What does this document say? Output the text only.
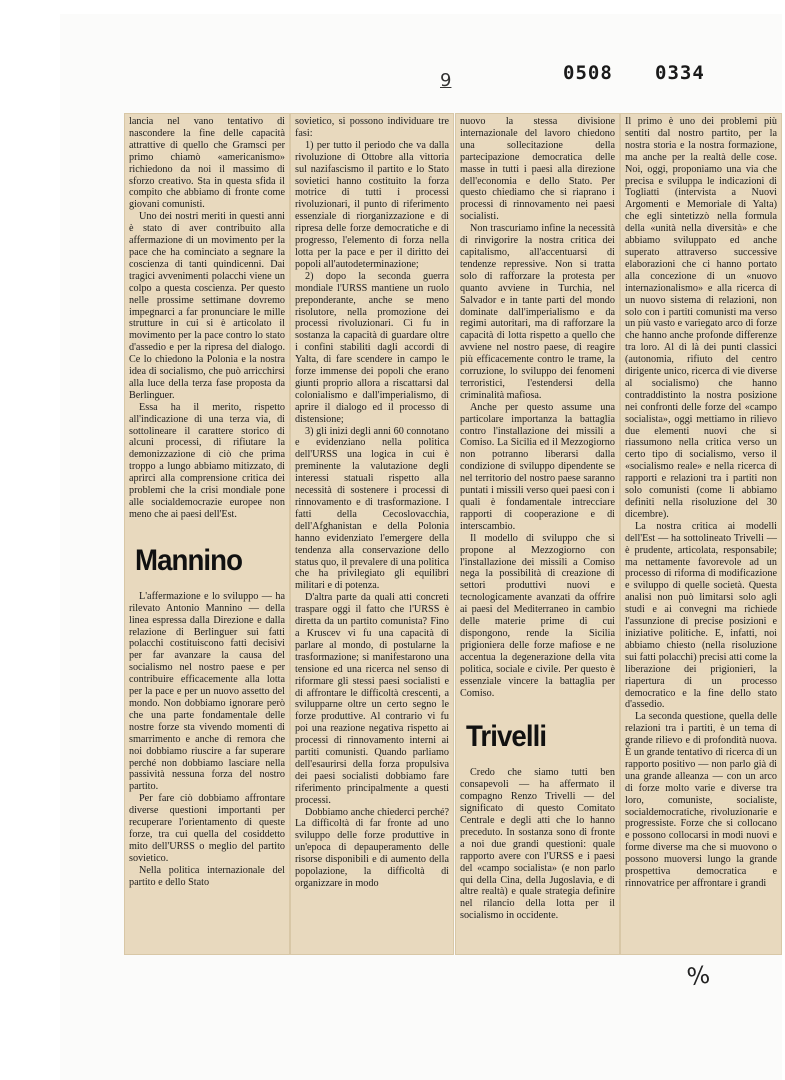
9	0508 0334

lancia nel vano tentativo di nascondere la fine delle capacità attrattive di quello che Gramsci per primo chiamò «americanismo» richiedono da noi il massimo di sforzo creativo. Sta in questa sfida il compito che abbiamo di fronte come giovani comunisti.

Uno dei nostri meriti in questi anni è stato di aver contribuito alla affermazione di un movimento per la pace che ha cominciato a segnare la coscienza di tanti quindicenni. Dai tragici avvenimenti polacchi viene un colpo a questa coscienza. Per questo nelle prossime settimane dovremo impegnarci a far pronunciare le mille strutture in cui si è articolato il movimento per la pace contro lo stato d'assedio e per la ripresa del dialogo. Ce lo chiedono la Polonia e la nostra idea di socialismo, che può arricchirsi alla luce della terza fase proposta da Berlinguer.

Essa ha il merito, rispetto all'indicazione di una terza via, di sottolineare il carattere storico di alcuni processi, di rifiutare la demonizzazione di ciò che prima troppo a lungo abbiamo mitizzato, di aprirci alla comprensione critica dei problemi che la crisi mondiale pone alle socialdemocrazie europee non meno che ai paesi dell'Est.

Mannino

L'affermazione e lo sviluppo — ha rilevato Antonio Mannino — della linea espressa dalla Direzione e dalla relazione di Berlinguer sui fatti polacchi costituiscono fatti decisivi per far avanzare la causa del socialismo nel nostro paese e per contribuire efficacemente alla lotta per la pace e per un nuovo assetto del mondo. Non dobbiamo ignorare però che una parte fondamentale delle nostre forze sta vivendo momenti di smarrimento e anche di remora che noi dobbiamo riuscire a far superare perché non dobbiamo lasciare nella passività nessuna forza del nostro partito.

Per fare ciò dobbiamo affrontare diverse questioni importanti per recuperare l'orientamento di queste forze, tra cui quella del cosiddetto mito dell'URSS o meglio del partito sovietico.

Nella politica internazionale del partito e dello Stato

sovietico, si possono individuare tre fasi:

1) per tutto il periodo che va dalla rivoluzione di Ottobre alla vittoria sul nazifascismo il partito e lo Stato sovietici hanno costituito la forza motrice di tutti i processi rivoluzionari, il punto di riferimento essenziale di riorganizzazione e di ripresa delle forze democratiche e di progresso, l'elemento di forza nella lotta per la pace e per il diritto dei popoli all'autodeterminazione;

2) dopo la seconda guerra mondiale l'URSS mantiene un ruolo preponderante, anche se meno risolutore, nella promozione dei processi rivoluzionari. Ci fu in sostanza la capacità di guardare oltre i confini stabiliti dagli accordi di Yalta, di fare scendere in campo le forze immense dei popoli che erano giunti proprio allora a riscattarsi dal colonialismo e dall'imperialismo, di aprire il dialogo ed il processo di distensione;

3) gli inizi degli anni 60 connotano e evidenziano nella politica dell'URSS una logica in cui è preminente la valutazione degli interessi statuali rispetto alla necessità di sostenere i processi di rinnovamento e di trasformazione. I fatti della Cecoslovacchia, dell'Afghanistan e della Polonia hanno evidenziato l'emergere della tendenza alla conservazione dello status quo, il prevalere di una politica che ha privilegiato gli equilibri militari e di potenza.

D'altra parte da quali atti concreti traspare oggi il fatto che l'URSS è diretta da un partito comunista? Fino a Kruscev vi fu una capacità di parlare al mondo, di postularne la trasformazione; si manifestarono una tensione ed una ricerca nel senso di riformare gli stessi paesi socialisti e di affrontare le difficoltà crescenti, a svilupparne oltre un certo segno le forze produttive. Al contrario vi fu poi una reazione negativa rispetto ai processi di rinnovamento interni ai partiti comunisti. Quando parliamo dell'esaurirsi della forza propulsiva dei paesi socialisti dobbiamo fare riferimento principalmente a questi processi.

Dobbiamo anche chiederci perché? La difficoltà di far fronte ad uno sviluppo delle forze produttive in un'epoca di depauperamento delle risorse disponibili e di aumento della popolazione, la difficoltà di organizzare in modo

nuovo la stessa divisione internazionale del lavoro chiedono una sollecitazione della partecipazione democratica delle masse in tutti i paesi alla direzione dell'economia e dello Stato. Per questo chiediamo che si riaprano i processi di rinnovamento nei paesi socialisti.

Non trascuriamo infine la necessità di rinvigorire la nostra critica dei capitalismo, all'accentuarsi di tendenze repressive. Non si tratta solo di rafforzare la protesta per quanto avviene in Turchia, nel Salvador e in tante parti del mondo dominate dall'imperialismo e da regimi autoritari, ma di rafforzare la capacità di lotta rispetto a quello che avviene nel nostro paese, di reagire più efficacemente contro le trame, la corruzione, lo sviluppo dei fenomeni terroristici, l'estendersi della criminalità mafiosa.

Anche per questo assume una particolare importanza la battaglia contro l'installazione dei missili a Comiso. La Sicilia ed il Mezzogiorno non potranno liberarsi dalla condizione di sviluppo dipendente se nel territorio del nostro paese saranno puntati i missili verso quei paesi con i quali è fondamentale intrecciare rapporti di cooperazione e di interscambio.

Il modello di sviluppo che si propone al Mezzogiorno con l'installazione dei missili a Comiso nega la possibilità di creazione di settori produttivi nuovi e tecnologicamente avanzati da offrire ai paesi del Mediterraneo in cambio delle materie prime di cui dispongono, rende la Sicilia prigioniera delle forze mafiose e ne accentua la degenerazione della vita politica, sociale e civile. Per questo è essenziale vincere la battaglia per Comiso.

Trivelli

Credo che siamo tutti ben consapevoli — ha affermato il compagno Renzo Trivelli — del significato di questo Comitato Centrale e degli atti che lo hanno preceduto. In sostanza sono di fronte a noi due grandi questioni: quale rapporto avere con l'URSS e i paesi del «campo socialista» (e non parlo qui della Cina, della Jugoslavia, e di altre realtà) e quale strategia definire nel rilancio della lotta per il socialismo in occidente.

Il primo è uno dei problemi più sentiti dal nostro partito, per la nostra storia e la nostra formazione, ma anche per la realtà delle cose. Noi, oggi, proponiamo una via che precisa e sviluppa le indicazioni di Togliatti (intervista a Nuovi Argomenti e Memoriale di Yalta) che egli sintetizzò nella formula della «unità nella diversità» e che abbiamo sviluppato ed anche superato attraverso successive elaborazioni che ci hanno portato alla concezione di un «nuovo internazionalismo» e alla ricerca di un nuovo sistema di relazioni, non solo con i partiti comunisti ma verso un più vasto e variegato arco di forze che hanno anche profonde differenze tra loro. Al di là dei punti classici (autonomia, rifiuto del centro dirigente unico, ricerca di vie diverse al socialismo) che hanno contraddistinto la nostra posizione nei confronti delle forze del «campo socialista», oggi mettiamo in rilievo due elementi nuovi che si riassumono nella critica verso un certo tipo di socialismo, verso il «socialismo reale» e nella ricerca di rapporti e relazioni tra i partiti non solo comunisti (come li abbiamo definiti nella risoluzione del 30 dicembre).

La nostra critica ai modelli dell'Est — ha sottolineato Trivelli — è prudente, articolata, responsabile; ma nettamente favorevole ad un processo di riforma di modificazione e sviluppo di quelle società. Questa analisi non può limitarsi solo agli studi e ai convegni ma richiede l'assunzione di precise posizioni e iniziative politiche. E, infatti, noi abbiamo chiesto (nella risoluzione sui fatti polacchi) precisi atti come la liberazione dei prigionieri, la riapertura di un processo democratico e la fine dello stato d'assedio.

La seconda questione, quella delle relazioni tra i partiti, è un tema di grande rilievo e di profondità nuova. È un grande tentativo di ricerca di un rapporto positivo — non parlo già di una grande alleanza — con un arco di forze molto varie e diverse tra loro, comuniste, socialiste, socialdemocratiche, rivoluzionarie e progressiste. Forze che si collocano e possono collocarsi in modi nuovi e forme diverse ma che si muovono o possono muoversi lungo la grande prospettiva democratica e rinnovatrice per affrontare i grandi

%
